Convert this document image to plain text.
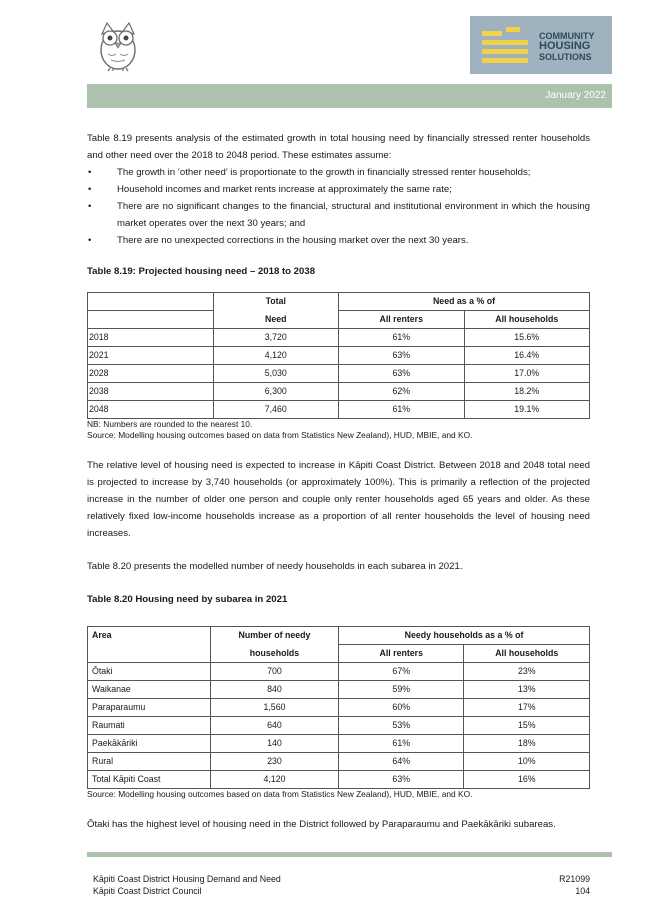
COMMUNITY
HOUSING
SOLUTIONS
January 2022

Table 8.19 presents analysis of the estimated growth in total housing need by financially stressed renter households and other need over the 2018 to 2048 period. These estimates assume:

• The growth in ‘other need’ is proportionate to the growth in financially stressed renter households;
• Household incomes and market rents increase at approximately the same rate;
• There are no significant changes to the financial, structural and institutional environment in which the housing market operates over the next 30 years; and
• There are no unexpected corrections in the housing market over the next 30 years.
Table 8.19: Projected housing need – 2018 to 2038
	Total	Need as a % of	
	Need	All renters	All households
2018	3,720	61%	15.6%
2021	4,120	63%	16.4%
2028	5,030	63%	17.0%
2038	6,300	62%	18.2%
2048	7,460	61%	19.1%
NB: Numbers are rounded to the nearest 10.
Source: Modelling housing outcomes based on data from Statistics New Zealand), HUD, MBIE, and KO.

The relative level of housing need is expected to increase in Kāpiti Coast District. Between 2018 and 2048 total need is projected to increase by 3,740 households (or approximately 100%). This is primarily a reflection of the projected increase in the number of older one person and couple only renter households aged 65 years and older. As these relatively fixed low-income households increase as a proportion of all renter households the level of housing need increases.

Table 8.20 presents the modelled number of needy households in each subarea in 2021.

Table 8.20 Housing need by subarea in 2021
Area	Number of needy	Needy households as a % of	
	households	All renters	All households
Ōtaki	700	67%	23%
Waikanae	840	59%	13%
Paraparaumu	1,560	60%	17%
Raumati	640	53%	15%
Paekākāriki	140	61%	18%
Rural	230	64%	10%
Total Kāpiti Coast	4,120	63%	16%
Source: Modelling housing outcomes based on data from Statistics New Zealand), HUD, MBIE, and KO.

Ōtaki has the highest level of housing need in the District followed by Paraparaumu and Paekākāriki subareas.

Kāpiti Coast District Housing Demand and Need
Kāpiti Coast District Council
R21099
104
